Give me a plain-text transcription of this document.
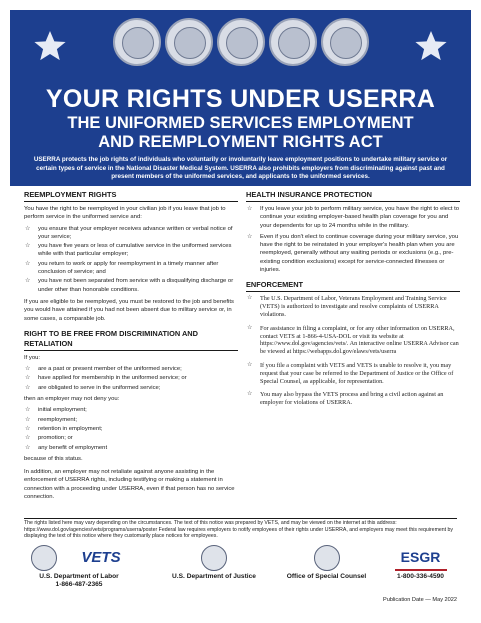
YOUR RIGHTS UNDER USERRA
THE UNIFORMED SERVICES EMPLOYMENT
AND REEMPLOYMENT RIGHTS ACT
USERRA protects the job rights of individuals who voluntarily or involuntarily leave employment positions to undertake military service or certain types of service in the National Disaster Medical System. USERRA also prohibits employers from discriminating against past and present members of the uniformed services, and applicants to the uniformed services.
REEMPLOYMENT RIGHTS

You have the right to be reemployed in your civilian job if you leave that job to perform service in the uniformed service and:

☆ you ensure that your employer receives advance written or verbal notice of your service;
☆ you have five years or less of cumulative service in the uniformed services while with that particular employer;
☆ you return to work or apply for reemployment in a timely manner after conclusion of service; and
☆ you have not been separated from service with a disqualifying discharge or under other than honorable conditions.

If you are eligible to be reemployed, you must be restored to the job and benefits you would have attained if you had not been absent due to military service or, in some cases, a comparable job.

RIGHT TO BE FREE FROM DISCRIMINATION AND RETALIATION

If you:

☆ are a past or present member of the uniformed service;
☆ have applied for membership in the uniformed service; or
☆ are obligated to serve in the uniformed service;

then an employer may not deny you:

☆ initial employment;
☆ reemployment;
☆ retention in employment;
☆ promotion; or
☆ any benefit of employment

because of this status.

In addition, an employer may not retaliate against anyone assisting in the enforcement of USERRA rights, including testifying or making a statement in connection with a proceeding under USERRA, even if that person has no service connection.

HEALTH INSURANCE PROTECTION
☆ If you leave your job to perform military service, you have the right to elect to continue your existing employer-based health plan coverage for you and your dependents for up to 24 months while in the military.
☆ Even if you don't elect to continue coverage during your military service, you have the right to be reinstated in your employer's health plan when you are reemployed, generally without any waiting periods or exclusions (e.g., pre-existing condition exclusions) except for service-connected illnesses or injuries.
ENFORCEMENT
☆ The U.S. Department of Labor, Veterans Employment and Training Service (VETS) is authorized to investigate and resolve complaints of USERRA violations.
☆ For assistance in filing a complaint, or for any other information on USERRA, contact VETS at 1-866-4-USA-DOL or visit its website at https://www.dol.gov/agencies/vets/. An interactive online USERRA Advisor can be viewed at https://webapps.dol.gov/elaws/vets/userra
☆ If you file a complaint with VETS and VETS is unable to resolve it, you may request that your case be referred to the Department of Justice or the Office of Special Counsel, as applicable, for representation.
☆ You may also bypass the VETS process and bring a civil action against an employer for violations of USERRA.
The rights listed here may vary depending on the circumstances. The text of this notice was prepared by VETS, and may be viewed on the internet at this address: https://www.dol.gov/agencies/vets/programs/userra/poster Federal law requires employers to notify employees of their rights under USERRA, and employers may meet this requirement by displaying the text of this notice where they customarily place notices for employees.
VETS
U.S. Department of Labor
1-866-487-2365
U.S. Department of Justice	Office of Special Counsel
ESGR
1-800-336-4590
Publication Date — May 2022
